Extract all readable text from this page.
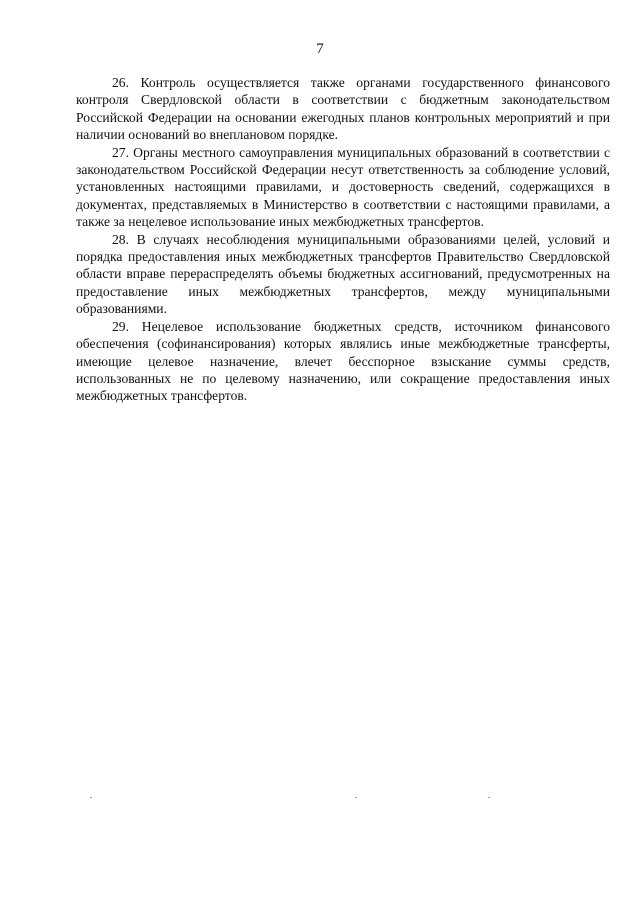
7

26. Контроль осуществляется также органами государственного финансового контроля Свердловской области в соответствии с бюджетным законодательством Российской Федерации на основании ежегодных планов контрольных мероприятий и при наличии оснований во внеплановом порядке.

27. Органы местного самоуправления муниципальных образований в соответствии с законодательством Российской Федерации несут ответственность за соблюдение условий, установленных настоящими правилами, и достоверность сведений, содержащихся в документах, представляемых в Министерство в соответствии с настоящими правилами, а также за нецелевое использование иных межбюджетных трансфертов.

28. В случаях несоблюдения муниципальными образованиями целей, условий и порядка предоставления иных межбюджетных трансфертов Правительство Свердловской области вправе перераспределять объемы бюджетных ассигнований, предусмотренных на предоставление иных межбюджетных трансфертов, между муниципальными образованиями.

29. Нецелевое использование бюджетных средств, источником финансового обеспечения (софинансирования) которых являлись иные межбюджетные трансферты, имеющие целевое назначение, влечет бесспорное взыскание суммы средств, использованных не по целевому назначению, или сокращение предоставления иных межбюджетных трансфертов.
